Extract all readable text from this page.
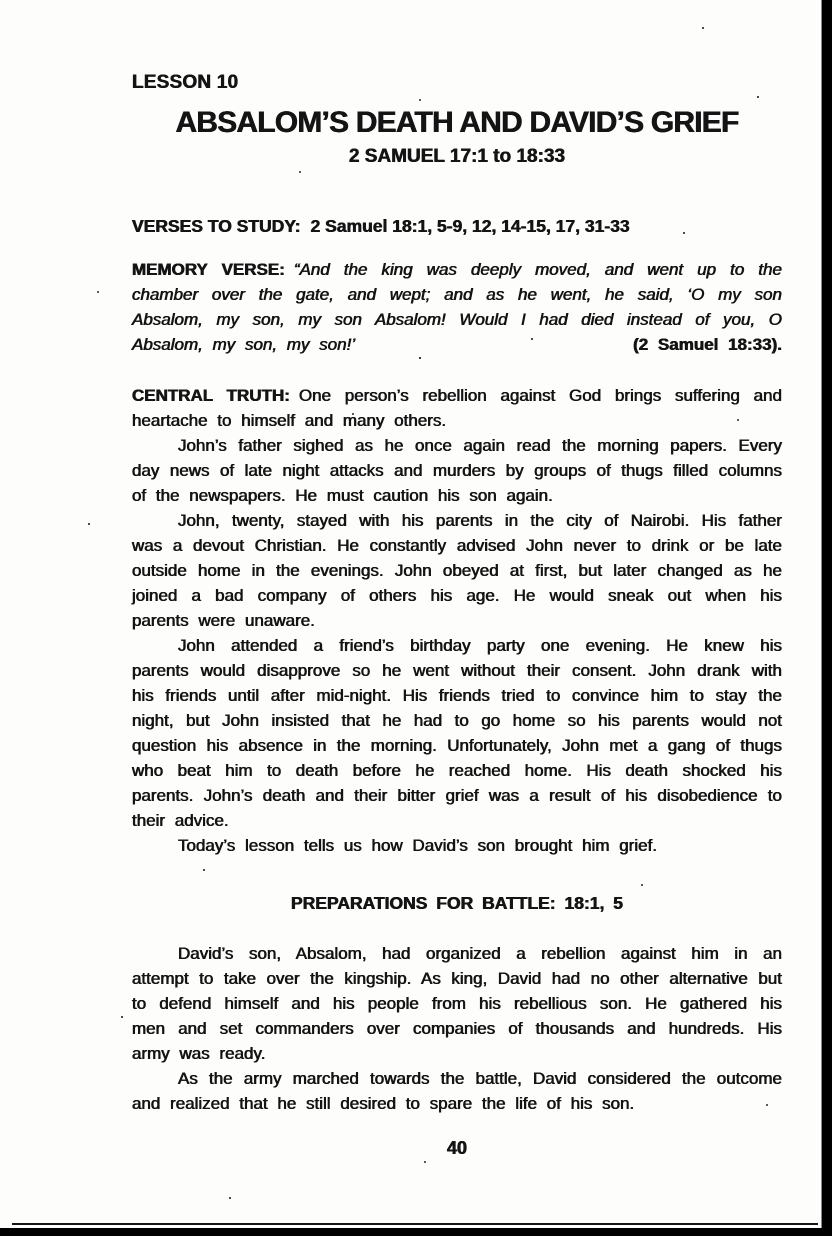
LESSON 10
ABSALOM’S DEATH AND DAVID’S GRIEF
2 SAMUEL 17:1 to 18:33

VERSES TO STUDY: 2 Samuel 18:1, 5-9, 12, 14-15, 17, 31-33

MEMORY VERSE: “And the king was deeply moved, and went up to the chamber over the gate, and wept; and as he went, he said, ‘O my son Absalom, my son, my son Absalom! Would I had died instead of you, O Absalom, my son, my son!’	(2 Samuel 18:33).

CENTRAL TRUTH: One person’s rebellion against God brings suffering and heartache to himself and many others.

John’s father sighed as he once again read the morning papers. Every day news of late night attacks and murders by groups of thugs filled columns of the newspapers. He must caution his son again.

John, twenty, stayed with his parents in the city of Nairobi. His father was a devout Christian. He constantly advised John never to drink or be late outside home in the evenings. John obeyed at first, but later changed as he joined a bad company of others his age. He would sneak out when his parents were unaware.

John attended a friend’s birthday party one evening. He knew his parents would disapprove so he went without their consent. John drank with his friends until after mid-night. His friends tried to convince him to stay the night, but John insisted that he had to go home so his parents would not question his absence in the morning. Unfortunately, John met a gang of thugs who beat him to death before he reached home. His death shocked his parents. John’s death and their bitter grief was a result of his disobedience to their advice.

Today’s lesson tells us how David’s son brought him grief.

PREPARATIONS FOR BATTLE: 18:1, 5

David’s son, Absalom, had organized a rebellion against him in an attempt to take over the kingship. As king, David had no other alternative but to defend himself and his people from his rebellious son. He gathered his men and set commanders over companies of thousands and hundreds. His army was ready.

As the army marched towards the battle, David considered the outcome and realized that he still desired to spare the life of his son.

40
